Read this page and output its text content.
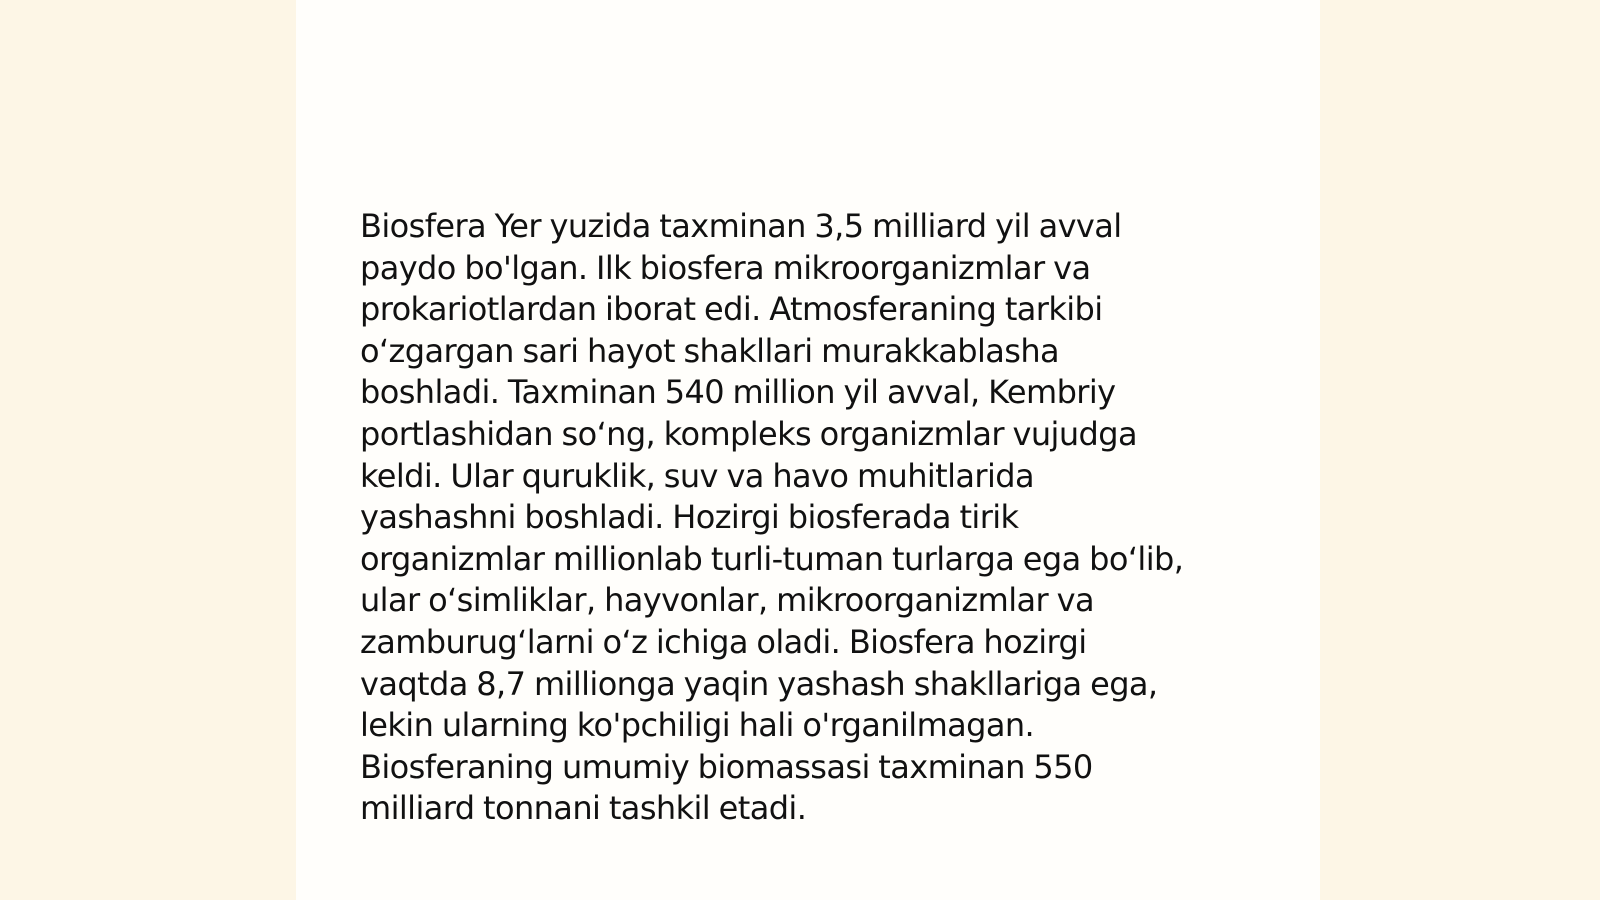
Biosfera Yer yuzida taxminan 3,5 milliard yil avval
paydo bo'lgan. Ilk biosfera mikroorganizmlar va
prokariotlardan iborat edi. Atmosferaning tarkibi
o‘zgargan sari hayot shakllari murakkablasha
boshladi. Taxminan 540 million yil avval, Kembriy
portlashidan so‘ng, kompleks organizmlar vujudga
keldi. Ular quruklik, suv va havo muhitlarida
yashashni boshladi. Hozirgi biosferada tirik
organizmlar millionlab turli-tuman turlarga ega bo‘lib,
ular o‘simliklar, hayvonlar, mikroorganizmlar va
zamburug‘larni o‘z ichiga oladi. Biosfera hozirgi
vaqtda 8,7 millionga yaqin yashash shakllariga ega,
lekin ularning ko'pchiligi hali o'rganilmagan.
Biosferaning umumiy biomassasi taxminan 550
milliard tonnani tashkil etadi.
